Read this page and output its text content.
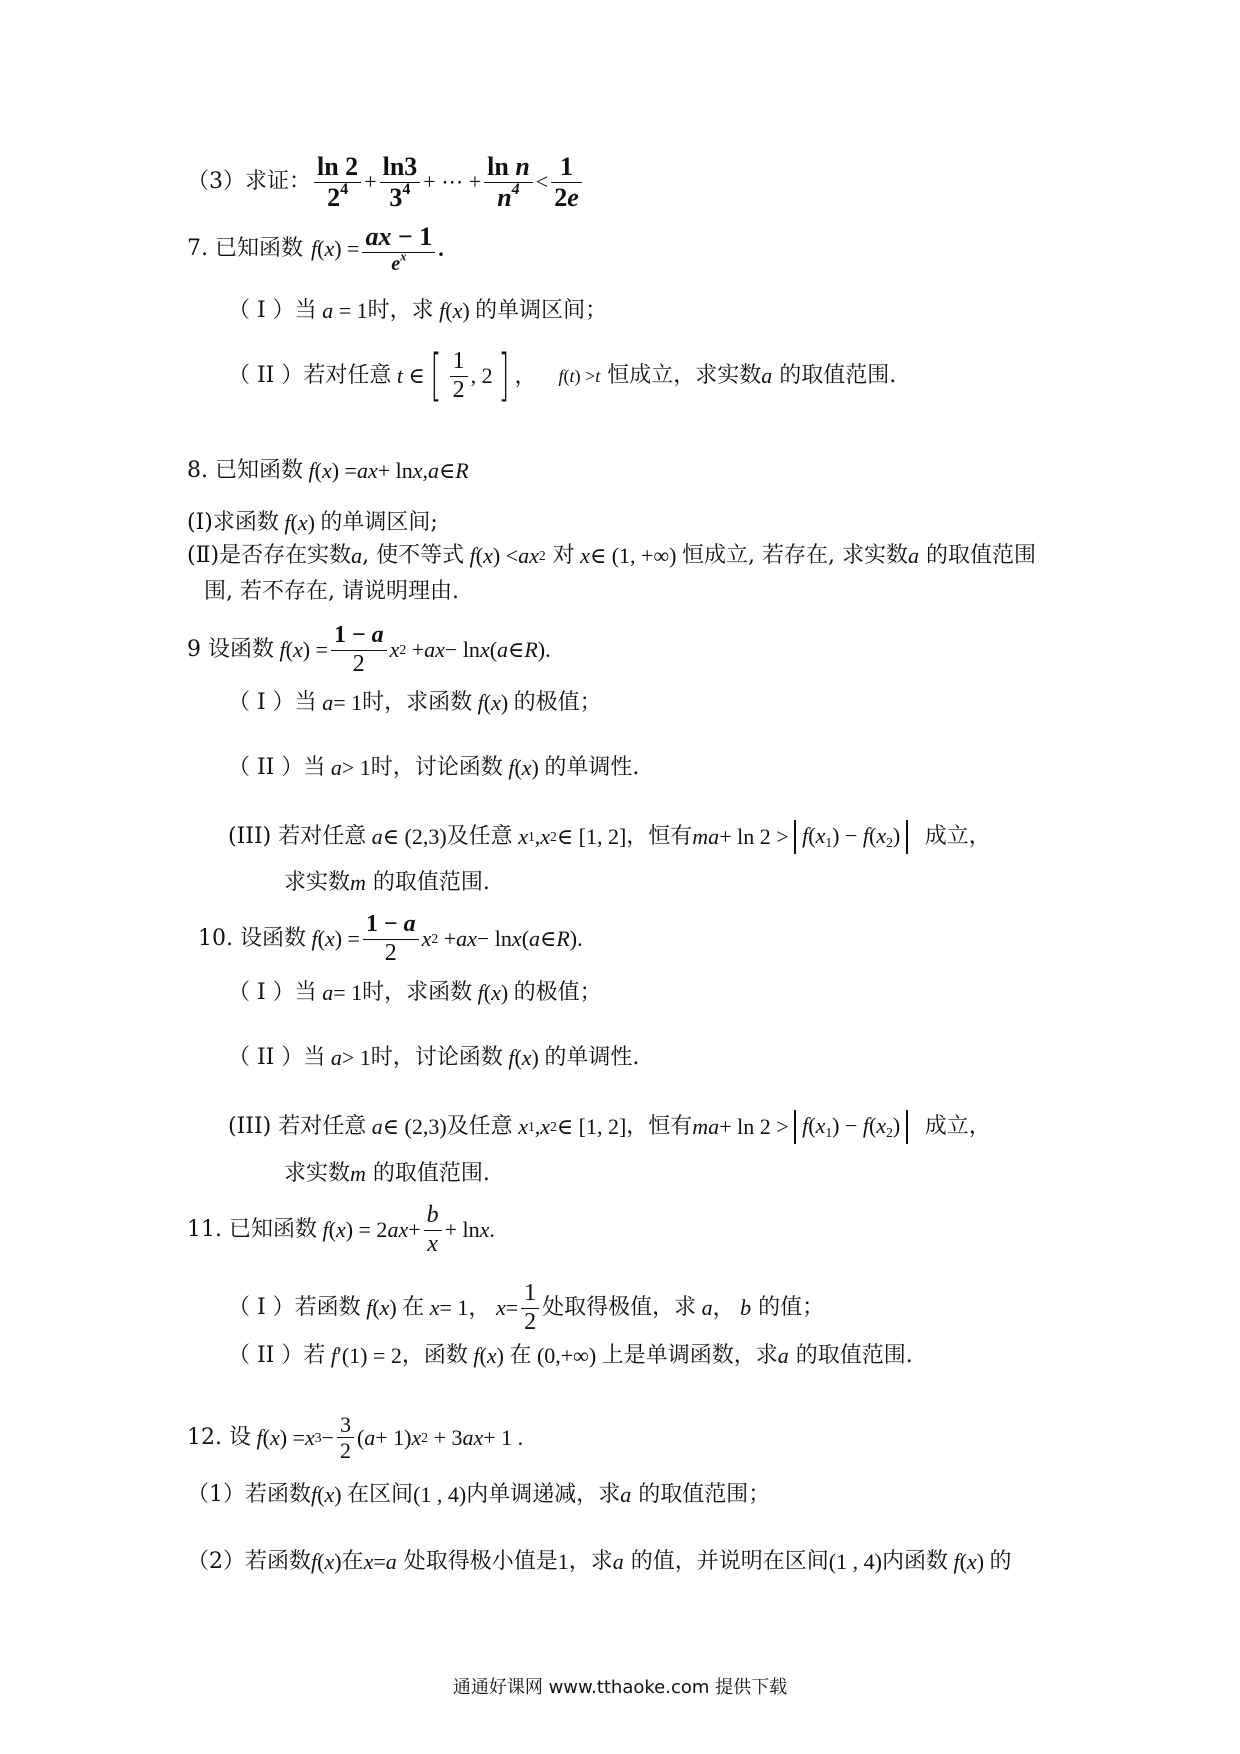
（3）求证： $\frac{\ln 2}{2^4} + \frac{\ln 3}{3^4}$ + ⋯ + $\frac{\text{ln n}}{n^4} < \frac{1}{2e}$
7. 已知函数 f ( x ) = $\frac{ax - 1}{e^x}$ .
（ I ）当 a = 1 时，求 f ( x ) 的单调区间；
（ II ）若对任意 t ∈ [ $\frac{1}{2}$ , 2 ] ， f ( t ) > t
恒成立，求实数 a
的取值范围.
8. 已知函数 f ( x ) = ax + ln x , a ∈ R
(Ⅰ)求函数 f ( x ) 的单调区间;
(Ⅱ)是否存在实数 a , 使不等式 f ( x ) < ax 2
对 x ∈ (1, +∞) 恒成立, 若存在, 求实数 a
的取值范围
围, 若不存在, 请说明理由.
9 设函数 f ( x ) = $\frac{1 - a}{2}$ x 2 + ax − ln x ( a ∈ R ).
（ I ）当 a = 1 时，求函数 f ( x ) 的极值；
（ II ）当 a > 1 时，讨论函数 f ( x ) 的单调性.
(III) 若对任意 a ∈ (2,3) 及任意 x 1 , x 2 ∈ [1, 2] ，恒有 ma + $\ln 2 > f(x_1) - f(x_2)$
	成立，
求实数 m
的取值范围.
10. 设函数 f ( x ) = $\frac{1 - a}{2}$ x 2 + ax − ln x ( a ∈ R ).
（ I ）当 a = 1 时，求函数 f ( x ) 的极值；
（ II ）当 a > 1 时，讨论函数 f ( x ) 的单调性.
(III) 若对任意 a ∈ (2,3) 及任意 x 1 , x 2 ∈ [1, 2] ，恒有 ma + $\ln 2 > f(x_1) - f(x_2)$
	成立，
求实数 m
的取值范围.
11. 已知函数 f ( x ) = 2 ax + $\frac{b}{x} + \ln x$ .
（ I ）若函数 f ( x ) 在 x = 1， $x = \frac{1}{2}$ 处取得极值，求 a ， b
的值；
（ II ）若 f ′(1) = 2 ，函数 f ( x ) 在 (0,+∞) 上是单调函数，求 a
的取值范围.
12. 设 f ( x ) = x $3 - \frac{3}{2}$ ( a + 1) x 2 + 3 ax + 1 .
（1）若函数 f ( x ) 在区间 (1 , 4) 内单调递减，求 a
的取值范围；
（2）若函数 f ( x ) 在 x = a
处取得极小值是 1 ，求 a
的值，并说明在区间 (1 , 4) 内函数 f ( x ) 的
通通好课网 www.tthaoke.com 提供下载
